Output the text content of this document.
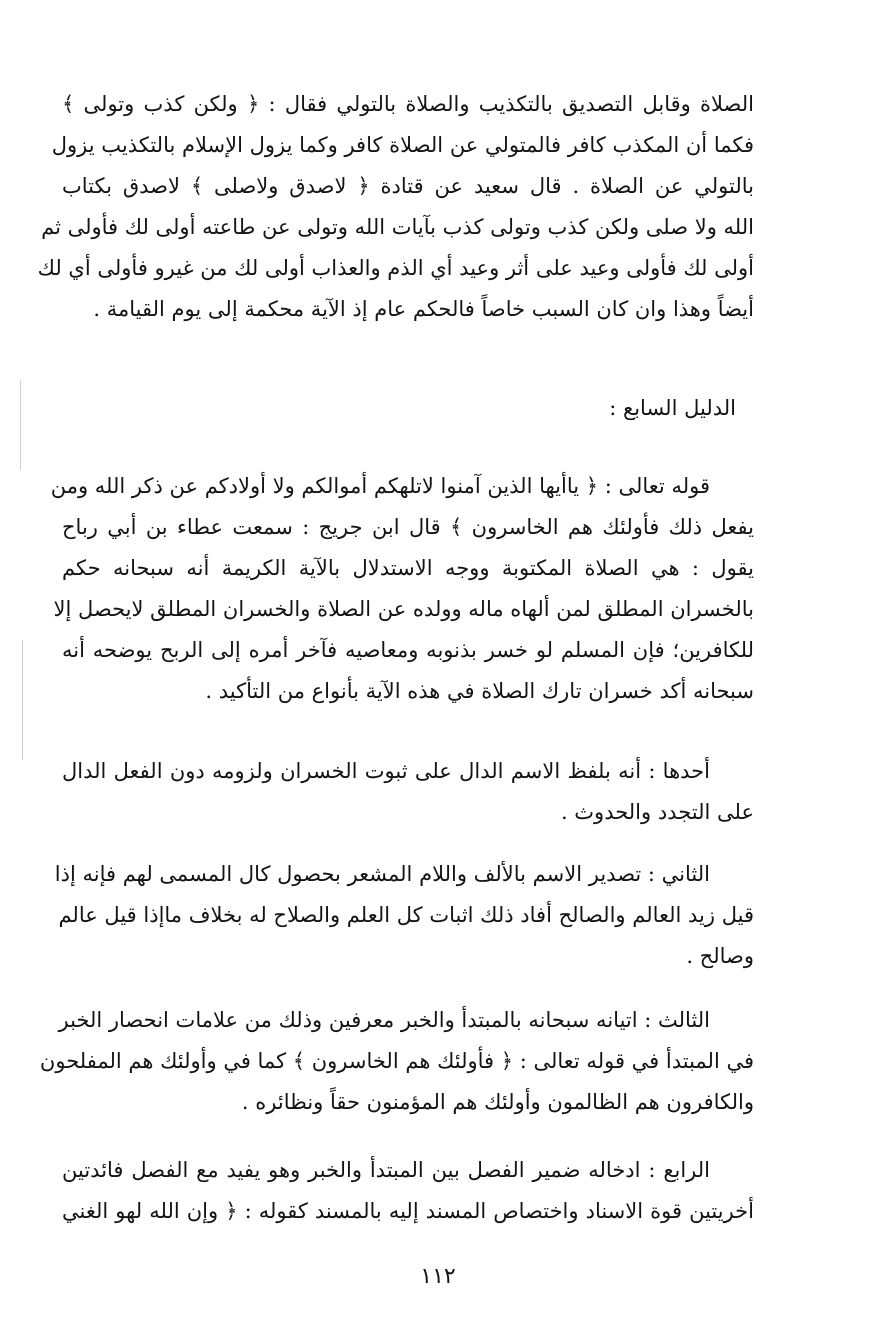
الصلاة وقابل التصديق بالتكذيب والصلاة بالتولي فقال : ﴿ ولكن كذب وتولى ﴾
فكما أن المكذب كافر فالمتولي عن الصلاة كافر وكما يزول الإسلام بالتكذيب يزول
بالتولي عن الصلاة . قال سعيد عن قتادة ﴿ لاصدق ولاصلى ﴾ لاصدق بكتاب
الله ولا صلى ولكن كذب وتولى كذب بآيات الله وتولى عن طاعته أولى لك فأولى ثم
أولى لك فأولى وعيد على أثر وعيد أي الذم والعذاب أولى لك من غيرو فأولى أي لك
أيضاً وهذا وان كان السبب خاصاً فالحكم عام إذ الآية محكمة إلى يوم القيامة .
الدليل السابع :
قوله تعالى : ﴿ ياأيها الذين آمنوا لاتلهكم أموالكم ولا أولادكم عن ذكر الله ومن
يفعل ذلك فأولئك هم الخاسرون ﴾ قال ابن جريج : سمعت عطاء بن أبي رباح
يقول : هي الصلاة المكتوبة ووجه الاستدلال بالآية الكريمة أنه سبحانه حكم
بالخسران المطلق لمن ألهاه ماله وولده عن الصلاة والخسران المطلق لايحصل إلا
للكافرين؛ فإن المسلم لو خسر بذنوبه ومعاصيه فآخر أمره إلى الربح يوضحه أنه
سبحانه أكد خسران تارك الصلاة في هذه الآية بأنواع من التأكيد .
أحدها : أنه بلفظ الاسم الدال على ثبوت الخسران ولزومه دون الفعل الدال
على التجدد والحدوث .
الثاني : تصدير الاسم بالألف واللام المشعر بحصول كال المسمى لهم فإنه إذا
قيل زيد العالم والصالح أفاد ذلك اثبات كل العلم والصلاح له بخلاف ماإذا قيل عالم
وصالح .
الثالث : اتيانه سبحانه بالمبتدأ والخبر معرفين وذلك من علامات انحصار الخبر
في المبتدأ في قوله تعالى : ﴿ فأولئك هم الخاسرون ﴾ كما في وأولئك هم المفلحون
والكافرون هم الظالمون وأولئك هم المؤمنون حقاً ونظائره .
الرابع : ادخاله ضمير الفصل بين المبتدأ والخبر وهو يفيد مع الفصل فائدتين
أخريتين قوة الاسناد واختصاص المسند إليه بالمسند كقوله : ﴿ وإن الله لهو الغني
١١٢
